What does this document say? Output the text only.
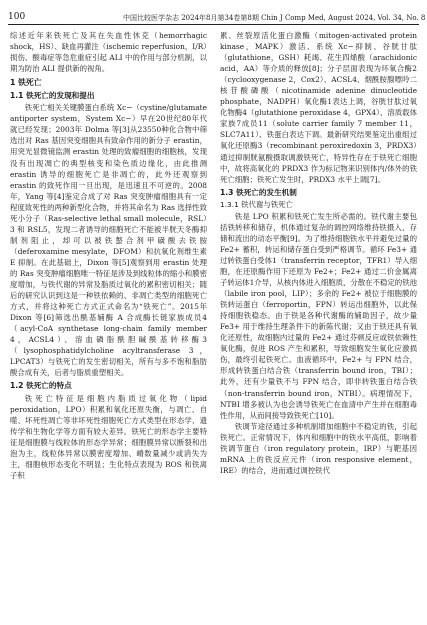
100	中国比较医学杂志 2024年8月第34卷第8期 Chin J Comp Med, August 2024, Vol. 34, No. 8

综述近年来铁死亡及其在失血性休克（hemorrhagic shock，HS）、缺血再灌注（ischemic reperfusion，I/R）损伤、酸毒症等急危重症引起 ALI 中的作用与部分机制，以期为防治 ALI 提供新的视角。

1 铁死亡
1.1 铁死亡的发现和提出

铁死亡相关关键膜蛋白系统 Xc−（cystine/glutamate antiporter system，System Xc−）早在20世纪80年代就已经发现；2003年 Dolma 等[3]从23550种化合物中筛选出对 Ras 基因突变细胞具有致命作用的新分子 erastin，用突光显微镜监测 erastin 处理的致瘤细胞的细胞核，发现没有出现凋亡的典型核变和染色质边缘化，由此推测 erastin 诱导的细胞死亡是非凋亡的，此外还观察到 erastin 的致死作用一旦出现，是迅速且不可逆的。2008年，Yang 等[4]鉴定合成了对 Ras 突变肿瘤细胞具有一定程度致死性的两种新型化合物，并将其命名为 Ras 选择性致死小分子（Ras-selective lethal small molecule，RSL）3 和 RSL5，发现二者诱导的细胞死亡不能被半胱天冬酶抑制剂阻止，却可以被铁螯合剂甲磺酸去铁胺（deferoxamine mesylate，DFOM）和抗氧化剂维生素 E 抑制。在此基础上，Dixon 等[5]观察到用 erastin 处理的 Ras 突变肿瘤细胞唯一特征是涉及到线粒体的缩小和膜密度增加，与铁代谢的异常及脂质过氧化的累积密切相关；随后的研究认识到这是一种铁依赖的、非凋亡类型的细胞死亡方式，并将这种死亡方式正式命名为“铁死亡”。2015年 Dixon 等[6]筛选出酰基辅酶 A 合成酶长链家族成员4（acyl-CoA synthetase long-chain family member 4，ACSL4）、溶血磷脂酰胆碱酰基转移酶3（lysophosphatidylcholine acyltransferase 3，LPCAT3）与铁死亡的发生密切相关，所有与多不饱和脂肪酸合成有关，后者与脂质重塑相关。

1.2 铁死亡的特点

铁死亡特征是细胞内脂质过氧化物（lipid peroxidation，LPO）积累和氧化还原失衡，与凋亡、自噬、坏死性凋亡等非坏死性细胞死亡方式类型在形态学、遗传学和生物化学等方面有较大差异。铁死亡的形态学主要特征是细胞膜与线粒体的形态学异常；细胞膜异常以断裂和出泡为主，线粒体异常以膜密度增加、嵴数量减少或消失为主，细胞核形态变化不明显；生化特点表现为 ROS 和铁离子积

累、丝裂原活化蛋白激酶（mitogen-activated protein kinase，MAPK）激活、系统 Xc−抑制、谷胱甘肽（glutathione，GSH）耗竭、花生四烯酸（arachidonic acid，AA）等介质的释放[8]；分子层面表现为环氧合酶2（cyclooxygenase 2，Cox2）、ACSL4、烟酰胺腺嘌呤二核苷酸磷酸（nicotinamide adenine dinucleotide phosphate，NADPH）氧化酶1表达上调，谷胱甘肽过氧化物酶4（glutathione peroxidase 4，GPX4）、溶质载体家族7成员11（solute carrier family 7 member 11，SLC7A11）、铁蛋白表达下调。最新研究结果鉴定出重组过氧化还原酶3（recombinant peroxiredoxin 3，PRDX3）通过抑制胱氨酸摄取调激铁死亡，特异性存在于铁死亡细胞中，故将高氧化的 PRDX3 作为标记物来识别体内/体外的铁死亡细胞；铁死亡发生时，PRDX3 水平上调[7]。

1.3 铁死亡的发生机制
1.3.1 铁代谢与铁死亡

铁是 LPO 积累和铁死亡发生所必需的。铁代谢主要包括铁转移和储存，机体通过复杂的调控网络维持铁摄入、存储和流出的动态平衡[9]。为了维持细胞铁水平并避免过量的 Fe2+ 蓄积，转运和储存蛋白受到严格调节。循环 Fe3+ 通过转铁蛋白受体1（transferrin receptor，TFR1）导入细胞，在还原酶作用下还原为 Fe2+；Fe2+ 通过二价金属离子转运体1介导，从核内体进入细胞质，分散在不稳定的铁池（labile iron pool，LIP）；多余的 Fe2+ 被位于细胞膜的铁转运蛋白（ferroportin，FPN）转运出细胞外，以此保持细胞铁稳态。由于铁是各种代谢酶的辅助因子，故少量 Fe3+ 用于维持生理条件下的新陈代谢；又由于铁还具有氧化还原性，故细胞内过量的 Fe2+ 通过芬顿反应或铁依赖性氧化酶，促进 ROS 产生和累积，导致细胞发生氧化应激损伤，最终引起铁死亡。血液循环中，Fe2+ 与 FPN 结合，形成转铁蛋白结合铁（transferrin bound iron，TBI）；此外，还有少量铁不与 FPN 结合，即非转铁蛋白结合铁（non-transferrin bound iron，NTBI）。病理情况下，NTBI 增多被认为也会诱导铁死亡在血清中产生并在细胞毒性作用，从而间接导致铁死亡[10]。

铁调节途径通过多种机制增加细胞中不稳定的铁，引起铁死亡。正常情况下，体内和细胞中的铁水平高低，影响着铁调节蛋白（iron regulatory protein，IRP）与靶基因 mRNA 上的铁反应元件（iron responsive element，IRE）的结合，进而通过调控铁代
